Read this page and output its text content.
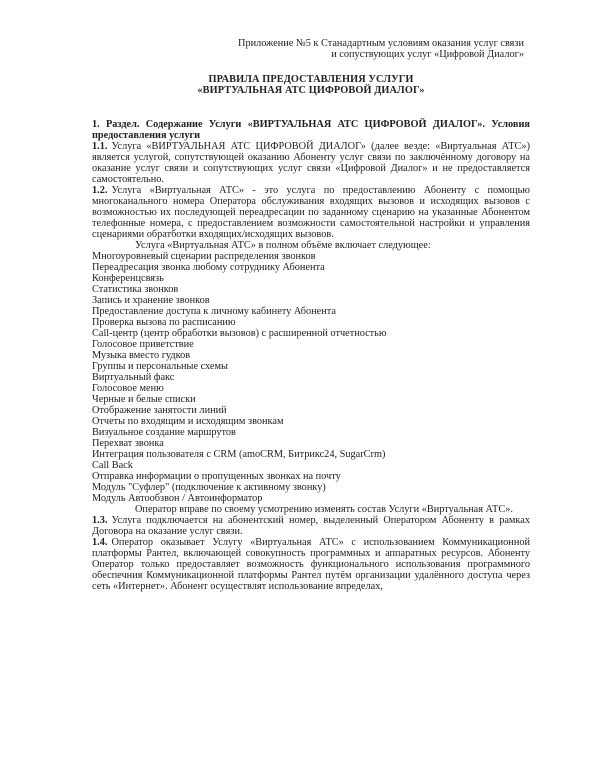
Приложение №5 к Станадартным условиям оказания услуг связи
и сопуствующих услуг «Цифровой Диалог»
ПРАВИЛА ПРЕДОСТАВЛЕНИЯ УСЛУГИ
«ВИРТУАЛЬНАЯ АТС ЦИФРОВОЙ ДИАЛОГ»
1. Раздел. Содержание Услуги «ВИРТУАЛЬНАЯ АТС ЦИФРОВОЙ ДИАЛОГ». Условия предоставления услуги

1.1. Услуга «ВИРТУАЛЬНАЯ АТС ЦИФРОВОЙ ДИАЛОГ» (далее везде: «Виртуальная АТС») является услугой, сопутствующей оказанию Абоненту услуг связи по заключённому договору на оказание услуг связи и сопутствующих услуг связи «Цифровой Диалог» и не предоставляется самостоятельно.

1.2. Услуга «Виртуальная АТС» - это услуга по предоставлению Абоненту с помощью многоканального номера Оператора обслуживания входящих вызовов и исходящих вызовов с возможностью их последующей переадресации по заданному сценарию на указанные Абонентом телефонные номера, с предоставлением возможности самостоятельной настройки и управления сценариями обратботки входящих/исходящих вызовов.

Услуга «Виртуальная АТС» в полном объёме включает следующее:

Многоуровневый сценарии распределения звонков
Переадресация звонка любому сотруднику Абонента
Конференцсвязь
Статистика звонков
Запись и хранение звонков
Предоставление доступа к личному кабинету Абонента
Проверка вызова по расписанию
Call-центр (центр обработки вызовов) с расширенной отчетностью
Голосовое приветствие
Музыка вместо гудков
Группы и персональные схемы
Виртуальный факс
Голосовое меню
Черные и белые списки
Отображение занятости линий
Отчеты по входящим и исходящим звонкам
Визуальное создание маршрутов
Перехват звонка
Интеграция пользователя с CRM (amoCRM, Битрикс24, SugarCrm)
Call Back
Отправка информации о пропущенных звонках на почту
Модуль "Суфлер" (подключение к активному звонку)
Модуль Автообзвон / Автоинформатор

Оператор вправе по своему усмотрению изменять состав Услуги «Виртуальная АТС».

1.3. Услуга подключается на абонентский номер, выделенный Оператором Абоненту в рамках Договора на оказание услуг связи.

1.4. Оператор оказывает Услугу «Виртуальная АТС» с использованием Коммуникационной платформы Рантел, включающей совокупность программных и аппаратных ресурсов. Абоненту Оператор только предоставляет возможность функционального использования программного обеспечния Коммуникационной платформы Рантел путём организации удалённого доступа через сеть «Интернет». Абонент осуществлят использование впределах,
